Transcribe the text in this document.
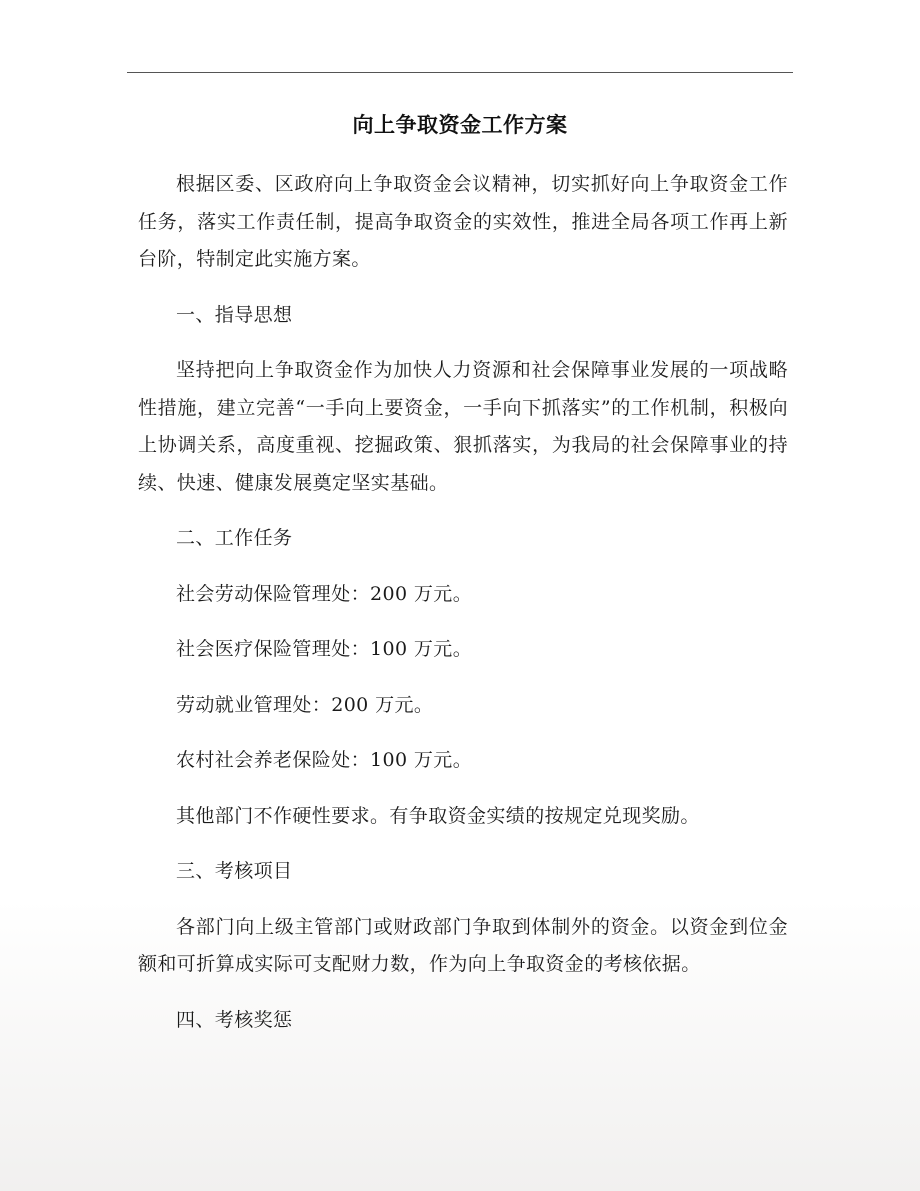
向上争取资金工作方案

根据区委、区政府向上争取资金会议精神，切实抓好向上争取资金工作任务，落实工作责任制，提高争取资金的实效性，推进全局各项工作再上新台阶，特制定此实施方案。

一、指导思想

坚持把向上争取资金作为加快人力资源和社会保障事业发展的一项战略性措施，建立完善“一手向上要资金，一手向下抓落实”的工作机制，积极向上协调关系，高度重视、挖掘政策、狠抓落实，为我局的社会保障事业的持续、快速、健康发展奠定坚实基础。

二、工作任务

社会劳动保险管理处：200 万元。

社会医疗保险管理处：100 万元。

劳动就业管理处：200 万元。

农村社会养老保险处：100 万元。

其他部门不作硬性要求。有争取资金实绩的按规定兑现奖励。

三、考核项目

各部门向上级主管部门或财政部门争取到体制外的资金。以资金到位金额和可折算成实际可支配财力数，作为向上争取资金的考核依据。

四、考核奖惩
